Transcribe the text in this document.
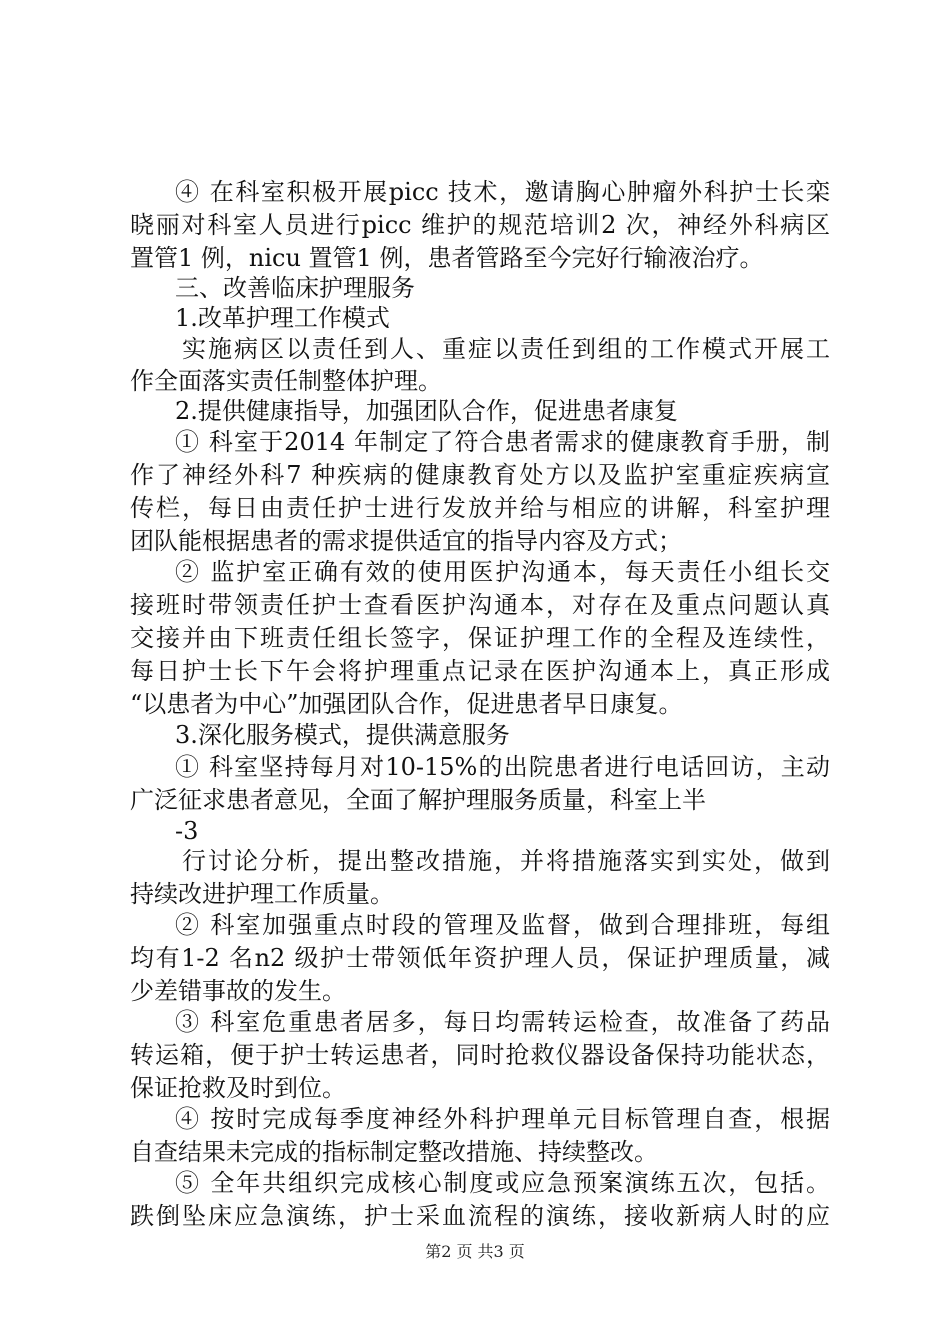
④ 在科室积极开展picc 技术，邀请胸心肿瘤外科护士长栾
晓丽对科室人员进行picc 维护的规范培训2 次，神经外科病区
置管1 例，nicu 置管1 例，患者管路至今完好行输液治疗。
三、改善临床护理服务
1.改革护理工作模式
实施病区以责任到人、重症以责任到组的工作模式开展工
作全面落实责任制整体护理。
2.提供健康指导，加强团队合作，促进患者康复
① 科室于2014 年制定了符合患者需求的健康教育手册，制
作了神经外科7 种疾病的健康教育处方以及监护室重症疾病宣
传栏，每日由责任护士进行发放并给与相应的讲解，科室护理
团队能根据患者的需求提供适宜的指导内容及方式；
② 监护室正确有效的使用医护沟通本，每天责任小组长交
接班时带领责任护士查看医护沟通本，对存在及重点问题认真
交接并由下班责任组长签字，保证护理工作的全程及连续性，
每日护士长下午会将护理重点记录在医护沟通本上，真正形成
“以患者为中心”加强团队合作，促进患者早日康复。
3.深化服务模式，提供满意服务
① 科室坚持每月对10-15%的出院患者进行电话回访，主动
广泛征求患者意见，全面了解护理服务质量，科室上半
-3
行讨论分析，提出整改措施，并将措施落实到实处，做到
持续改进护理工作质量。
② 科室加强重点时段的管理及监督，做到合理排班，每组
均有1-2 名n2 级护士带领低年资护理人员，保证护理质量，减
少差错事故的发生。
③ 科室危重患者居多，每日均需转运检查，故准备了药品
转运箱，便于护士转运患者，同时抢救仪器设备保持功能状态，
保证抢救及时到位。
④ 按时完成每季度神经外科护理单元目标管理自查，根据
自查结果未完成的指标制定整改措施、持续整改。
⑤ 全年共组织完成核心制度或应急预案演练五次，包括。
跌倒坠床应急演练，护士采血流程的演练，接收新病人时的应
第2 页 共3 页
